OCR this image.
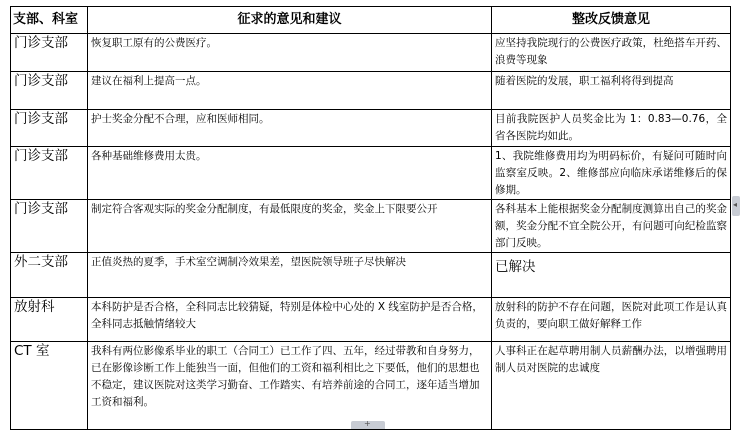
支部、科室	征求的意见和建议	整改反馈意见
门诊支部	恢复职工原有的公费医疗。	应坚持我院现行的公费医疗政策，杜绝搭车开药、浪费等现象
门诊支部	建议在福利上提高一点。	随着医院的发展，职工福利将得到提高
门诊支部	护士奖金分配不合理，应和医师相同。	目前我院医护人员奖金比为 1：0.83—0.76，全省各医院均如此。
门诊支部	各种基础维修费用太贵。	1、我院维修费用均为明码标价，有疑问可随时向监察室反映。2、维修部应向临床承诺维修后的保修期。
门诊支部	制定符合客观实际的奖金分配制度，有最低限度的奖金，奖金上下限要公开	各科基本上能根据奖金分配制度测算出自己的奖金额，奖金分配不宜全院公开，有问题可向纪检监察部门反映。
外二支部	正值炎热的夏季，手术室空调制冷效果差，望医院领导班子尽快解决	已解决
放射科	本科防护是否合格，全科同志比较猜疑，特别是体检中心处的 X 线室防护是否合格，全科同志抵触情绪较大	放射科的防护不存在问题，医院对此项工作是认真负责的，要向职工做好解释工作
CT 室	我科有两位影像系毕业的职工（合同工）已工作了四、五年，经过带教和自身努力，已在影像诊断工作上能独当一面，但他们的工资和福利相比之下要低，他们的思想也不稳定，建议医院对这类学习勤奋、工作踏实、有培养前途的合同工，逐年适当增加工资和福利。	人事科正在起草聘用制人员薪酬办法，以增强聘用制人员对医院的忠诚度
◂
+
